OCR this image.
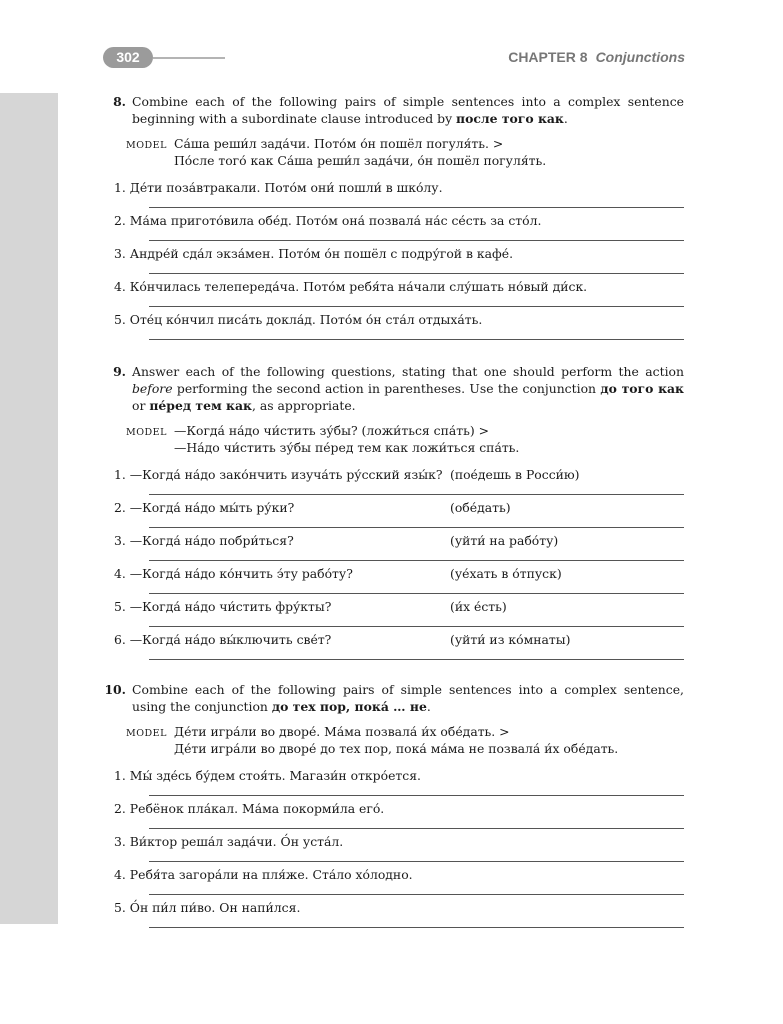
302	CHAPTER 8 Conjunctions
8. Combine each of the following pairs of simple sentences into a complex sentence beginning with a subordinate clause introduced by после того как.
MODEL Са́ша реши́л зада́чи. Пото́м о́н пошёл погуля́ть. >
По́сле того́ как Са́ша реши́л зада́чи, о́н пошёл погуля́ть.
1. Де́ти поза́втракали. Пото́м они́ пошли́ в шко́лу.
2. Ма́ма пригото́вила обе́д. Пото́м она́ позвала́ на́с се́сть за сто́л.
3. Андре́й сда́л экза́мен. Пото́м о́н пошёл с подру́гой в кафе́.
4. Ко́нчилась телепереда́ча. Пото́м ребя́та на́чали слу́шать но́вый ди́ск.
5. Оте́ц ко́нчил писа́ть докла́д. Пото́м о́н ста́л отдыха́ть.
9. Answer each of the following questions, stating that one should perform the action before performing the second action in parentheses. Use the conjunction до того как or пе́ред тем как, as appropriate.
MODEL —Когда́ на́до чи́стить зу́бы? (ложи́ться спа́ть) >
—На́до чи́стить зу́бы пе́ред тем как ложи́ться спа́ть.
1. —Когда́ на́до зако́нчить изуча́ть ру́сский язы́к? (пое́дешь в Росси́ю)
2. —Когда́ на́до мы́ть ру́ки?	(обе́дать)
3. —Когда́ на́до побри́ться?	(уйти́ на рабо́ту)
4. —Когда́ на́до ко́нчить э́ту рабо́ту?	(уе́хать в о́тпуск)
5. —Когда́ на́до чи́стить фру́кты?	(и́х е́сть)
6. —Когда́ на́до вы́ключить све́т?	(уйти́ из ко́мнаты)
10. Combine each of the following pairs of simple sentences into a complex sentence, using the conjunction до тех пор, пока́ … не.
MODEL Де́ти игра́ли во дворе́. Ма́ма позвала́ и́х обе́дать. >
Де́ти игра́ли во дворе́ до тех пор, пока́ ма́ма не позвала́ и́х обе́дать.
1. Мы́ зде́сь бу́дем стоя́ть. Магази́н откро́ется.
2. Ребёнок пла́кал. Ма́ма покорми́ла его́.
3. Ви́ктор реша́л зада́чи. О́н уста́л.
4. Ребя́та загора́ли на пля́же. Ста́ло хо́лодно.
5. О́н пи́л пи́во. Он напи́лся.
